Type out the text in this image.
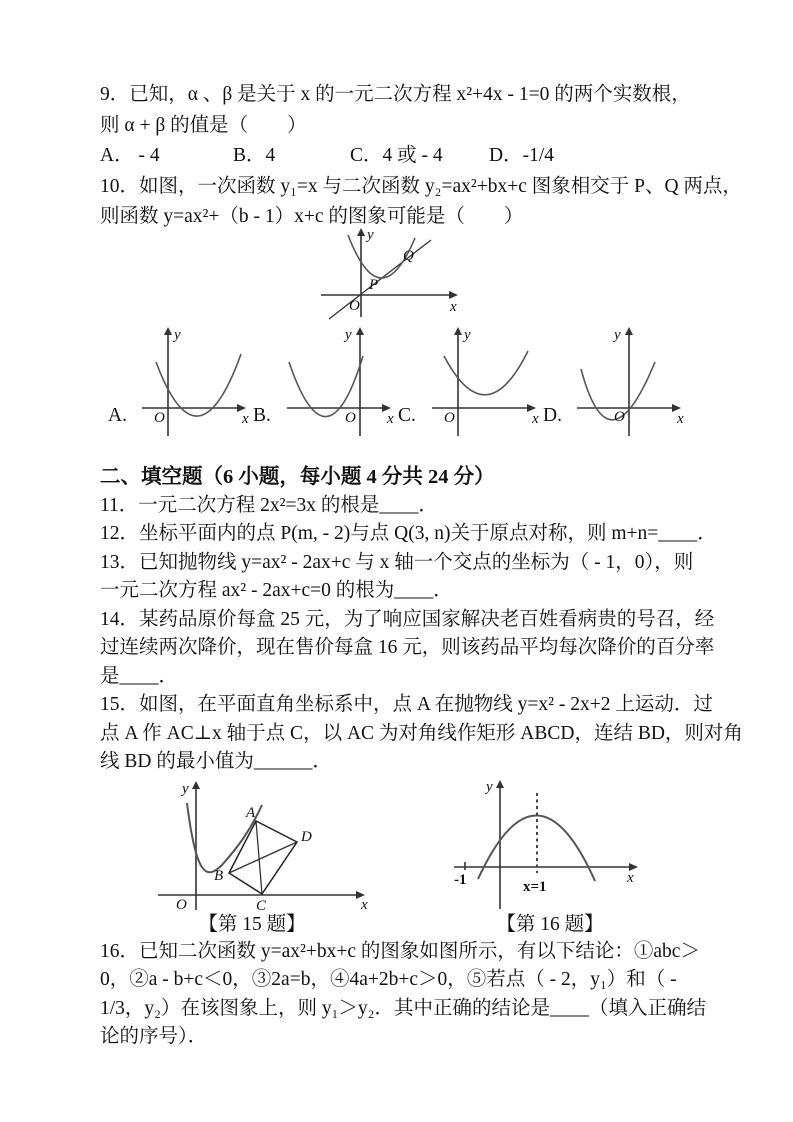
9．已知，α 、β 是关于 x 的一元二次方程 x²+4x - 1=0 的两个实数根，
则 α + β 的值是（　　）
A． - 4	B．4	C．4 或 - 4	D．-1/4
10．如图，一次函数 y₁=x 与二次函数 y₂=ax²+bx+c 图象相交于 P、Q 两点，
则函数 y=ax²+（b - 1）x+c 的图象可能是（　　）
y
x
O
P
Q
A.
y
x
O	B.
y
x
O C.
y
x
O	D.
y
x
O
二、填空题（6 小题，每小题 4 分共 24 分）
11．一元二次方程 2x²=3x 的根是____．
12．坐标平面内的点 P(m, - 2)与点 Q(3, n)关于原点对称，则 m+n=____．
13．已知抛物线 y=ax² - 2ax+c 与 x 轴一个交点的坐标为（ - 1，0），则
一元二次方程 ax² - 2ax+c=0 的根为____．
14．某药品原价每盒 25 元，为了响应国家解决老百姓看病贵的号召，经
过连续两次降价，现在售价每盒 16 元，则该药品平均每次降价的百分率
是____．
15．如图，在平面直角坐标系中，点 A 在抛物线 y=x² - 2x+2 上运动．过
点 A 作 AC⊥x 轴于点 C，以 AC 为对角线作矩形 ABCD，连结 BD，则对角
线 BD 的最小值为______．
y
x
O
A
B
C
D
【第 15 题】
y
x
-1	x=1
【第 16 题】
16．已知二次函数 y=ax²+bx+c 的图象如图所示，有以下结论：①abc＞
0，②a - b+c＜0，③2a=b，④4a+2b+c＞0，⑤若点（ - 2，y₁）和（ -
1/3，y₂）在该图象上，则 y₁＞y₂．其中正确的结论是____（填入正确结
论的序号）．
